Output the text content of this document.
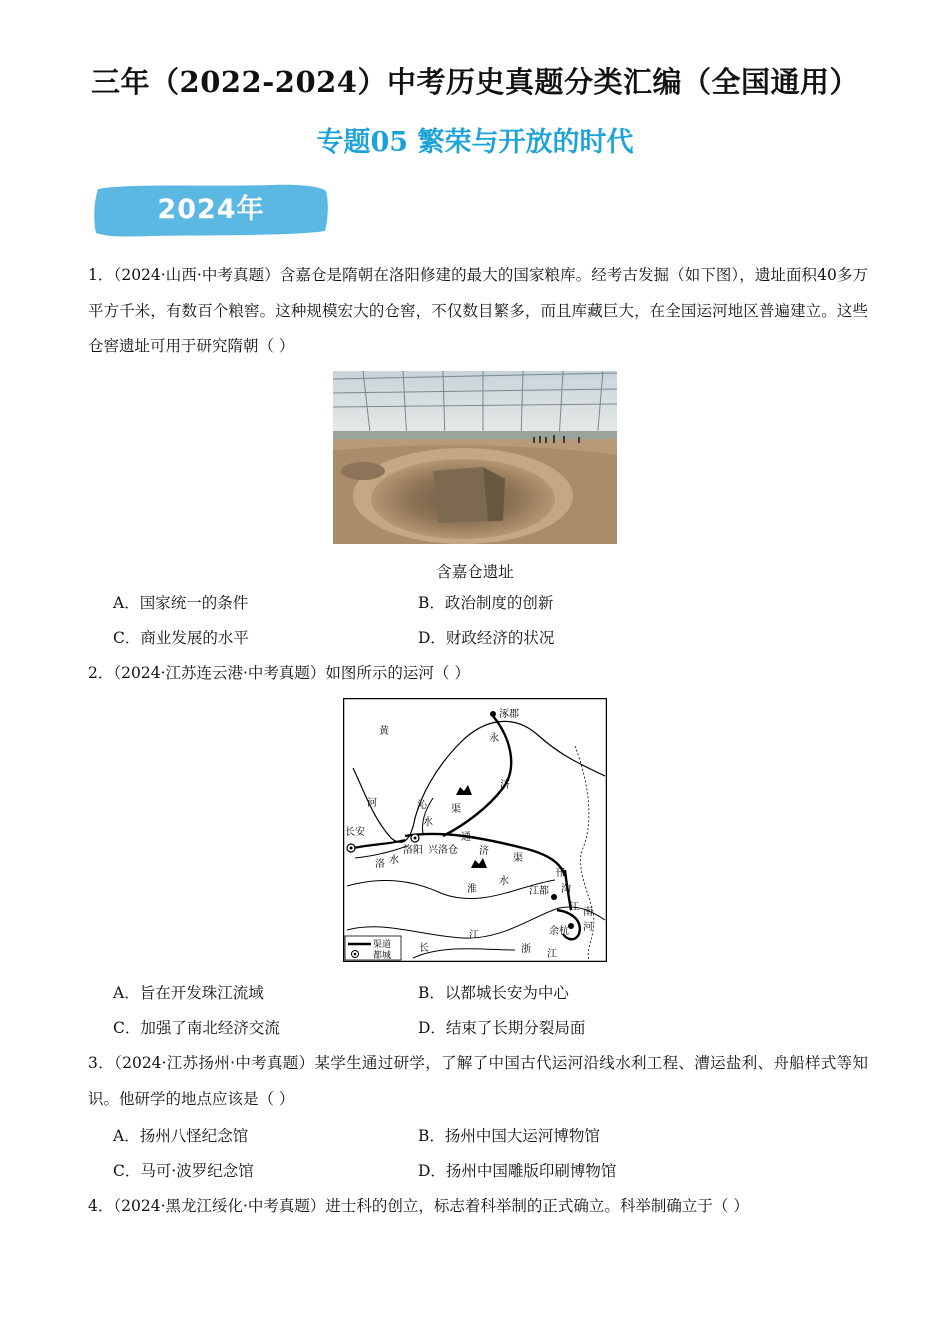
三年（2022-2024）中考历史真题分类汇编（全国通用）
专题05 繁荣与开放的时代
2024年
1．（2024·山西·中考真题）含嘉仓是隋朝在洛阳修建的最大的国家粮库。经考古发掘（如下图），遗址面积40多万平方千米，有数百个粮窖。这种规模宏大的仓窖，不仅数目繁多，而且库藏巨大，在全国运河地区普遍建立。这些仓窖遗址可用于研究隋朝（ ）
含嘉仓遗址
A．国家统一的条件	B．政治制度的创新
C．商业发展的水平	D．财政经济的状况
2．（2024·江苏连云港·中考真题）如图所示的运河（ ）
涿郡
永
济
渠
黄
河	沁
水
长安
洛阳 兴洛仓
通
济
渠
洛 水
淮
水
邗
沟
江都
江 南
河
余杭
浙 江
长
江
渠道
都城
A．旨在开发珠江流域	B．以都城长安为中心
C．加强了南北经济交流	D．结束了长期分裂局面
3．（2024·江苏扬州·中考真题）某学生通过研学，了解了中国古代运河沿线水利工程、漕运盐利、舟船样式等知识。他研学的地点应该是（ ）
A．扬州八怪纪念馆	B．扬州中国大运河博物馆
C．马可·波罗纪念馆	D．扬州中国雕版印刷博物馆
4．（2024·黑龙江绥化·中考真题）进士科的创立，标志着科举制的正式确立。科举制确立于（ ）
